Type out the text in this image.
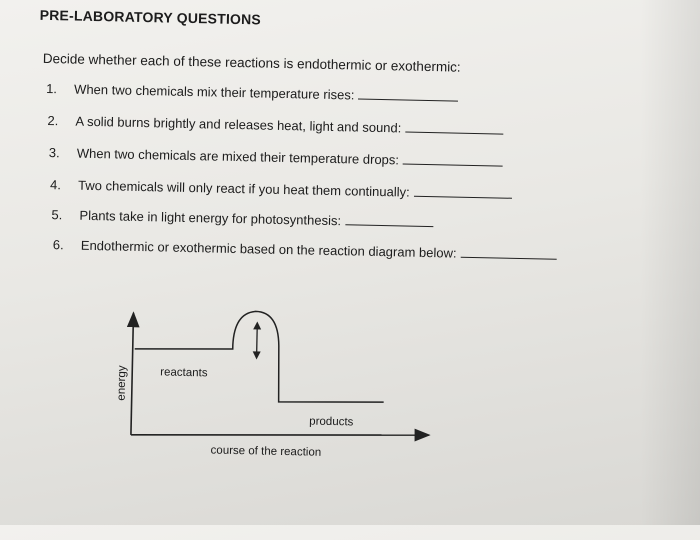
PRE-LABORATORY QUESTIONS
Decide whether each of these reactions is endothermic or exothermic:
1. When two chemicals mix their temperature rises:
2. A solid burns brightly and releases heat, light and sound:
3. When two chemicals are mixed their temperature drops:
4. Two chemicals will only react if you heat them continually:
5. Plants take in light energy for photosynthesis:
6. Endothermic or exothermic based on the reaction diagram below:
reactants
products
course of the reaction
energy
